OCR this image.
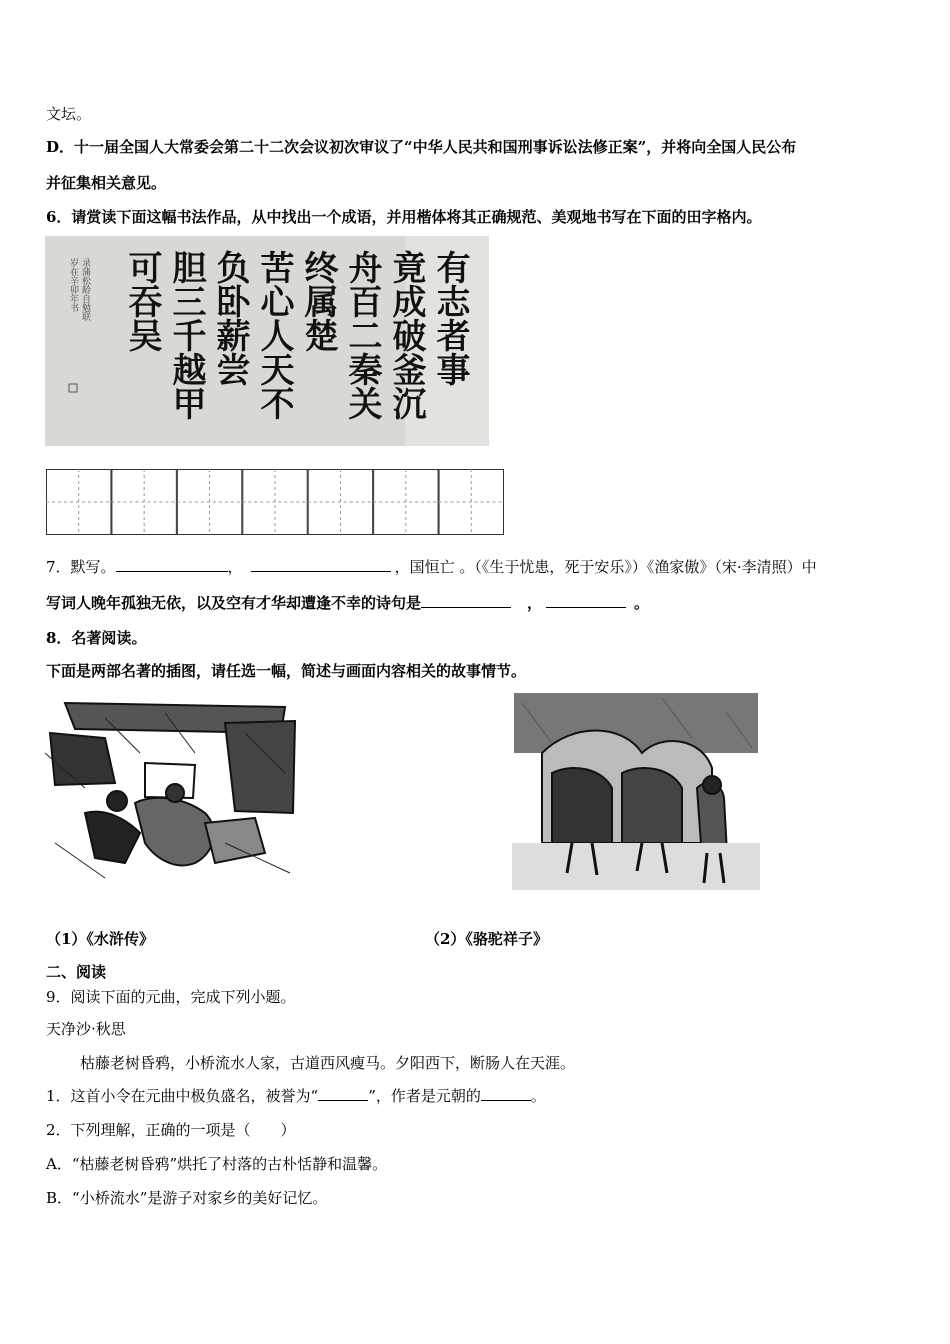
文坛。
D．十一届全国人大常委会第二十二次会议初次审议了“中华人民共和国刑事诉讼法修正案”，并将向全国人民公布
并征集相关意见。
6．请赏读下面这幅书法作品，从中找出一个成语，并用楷体将其正确规范、美观地书写在下面的田字格内。
录蒲松龄自勉联
岁在辛卯年书	有志者事
竟成破釜沉
舟百二秦关
终属楚
苦心人天不
负卧薪尝
胆三千越甲
可吞吴
7．默写。	，	，国恒亡 。（《生于忧患，死于安乐》）《渔家傲》（宋·李清照）中
写词人晚年孤独无依，以及空有才华却遭逢不幸的诗句是	，	。
8．名著阅读。
下面是两部名著的插图，请任选一幅，简述与画面内容相关的故事情节。
（1）《水浒传》	（2）《骆驼祥子》
二、阅读
9．阅读下面的元曲，完成下列小题。
天净沙·秋思
枯藤老树昏鸦，小桥流水人家，古道西风瘦马。夕阳西下，断肠人在天涯。
1．这首小令在元曲中极负盛名，被誉为“	”，作者是元朝的	。
2．下列理解，正确的一项是（　　）
A．“枯藤老树昏鸦”烘托了村落的古朴恬静和温馨。
B．“小桥流水”是游子对家乡的美好记忆。
